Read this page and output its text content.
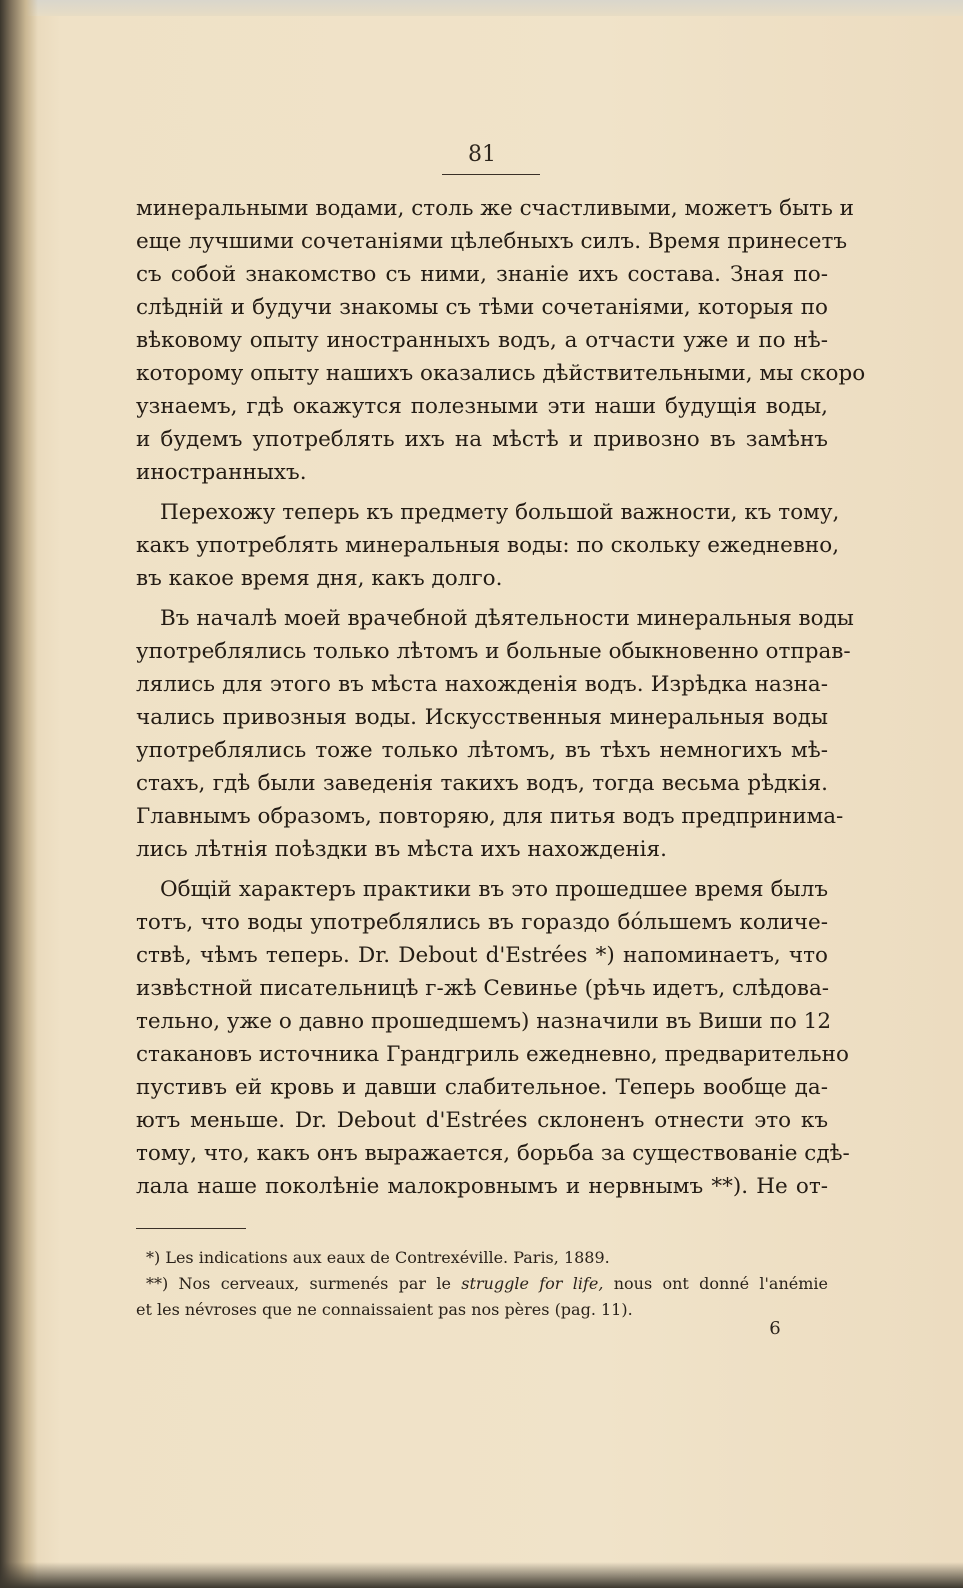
81

минеральными водами, столь же счастливыми, можетъ быть и
еще лучшими сочетаніями цѣлебныхъ силъ. Время принесетъ
съ собой знакомство съ ними, знаніе ихъ состава. Зная по-
слѣдній и будучи знакомы съ тѣми сочетаніями, которыя по
вѣковому опыту иностранныхъ водъ, а отчасти уже и по нѣ-
которому опыту нашихъ оказались дѣйствительными, мы скоро
узнаемъ, гдѣ окажутся полезными эти наши будущія воды,
и будемъ употреблять ихъ на мѣстѣ и привозно въ замѣнъ
иностранныхъ.

Перехожу теперь къ предмету большой важности, къ тому,
какъ употреблять минеральныя воды: по скольку ежедневно,
въ какое время дня, какъ долго.

Въ началѣ моей врачебной дѣятельности минеральныя воды
употреблялись только лѣтомъ и больные обыкновенно отправ-
лялись для этого въ мѣста нахожденія водъ. Изрѣдка назна-
чались привозныя воды. Искусственныя минеральныя воды
употреблялись тоже только лѣтомъ, въ тѣхъ немногихъ мѣ-
стахъ, гдѣ были заведенія такихъ водъ, тогда весьма рѣдкія.
Главнымъ образомъ, повторяю, для питья водъ предпринима-
лись лѣтнія поѣздки въ мѣста ихъ нахожденія.

Общій характеръ практики въ это прошедшее время былъ
тотъ, что воды употреблялись въ гораздо бо́льшемъ количе-
ствѣ, чѣмъ теперь. Dr. Debout d'Estrées *) напоминаетъ, что
извѣстной писательницѣ г-жѣ Севиньe (рѣчь идетъ, слѣдова-
тельно, уже о давно прошедшемъ) назначили въ Виши по 12
стакановъ источника Грандгриль ежедневно, предварительно
пустивъ ей кровь и давши слабительное. Теперь вообще да-
ютъ меньше. Dr. Debout d'Estrées склоненъ отнести это къ
тому, что, какъ онъ выражается, борьба за существованіе сдѣ-
лала наше поколѣніе малокровнымъ и нервнымъ **). Не от-

*) Les indications aux eaux de Contrexéville. Paris, 1889.
**) Nos cerveaux, surmenés par le struggle for life, nous ont donné l'anémie
et les névroses que ne connaissaient pas nos pères (pag. 11).
6
